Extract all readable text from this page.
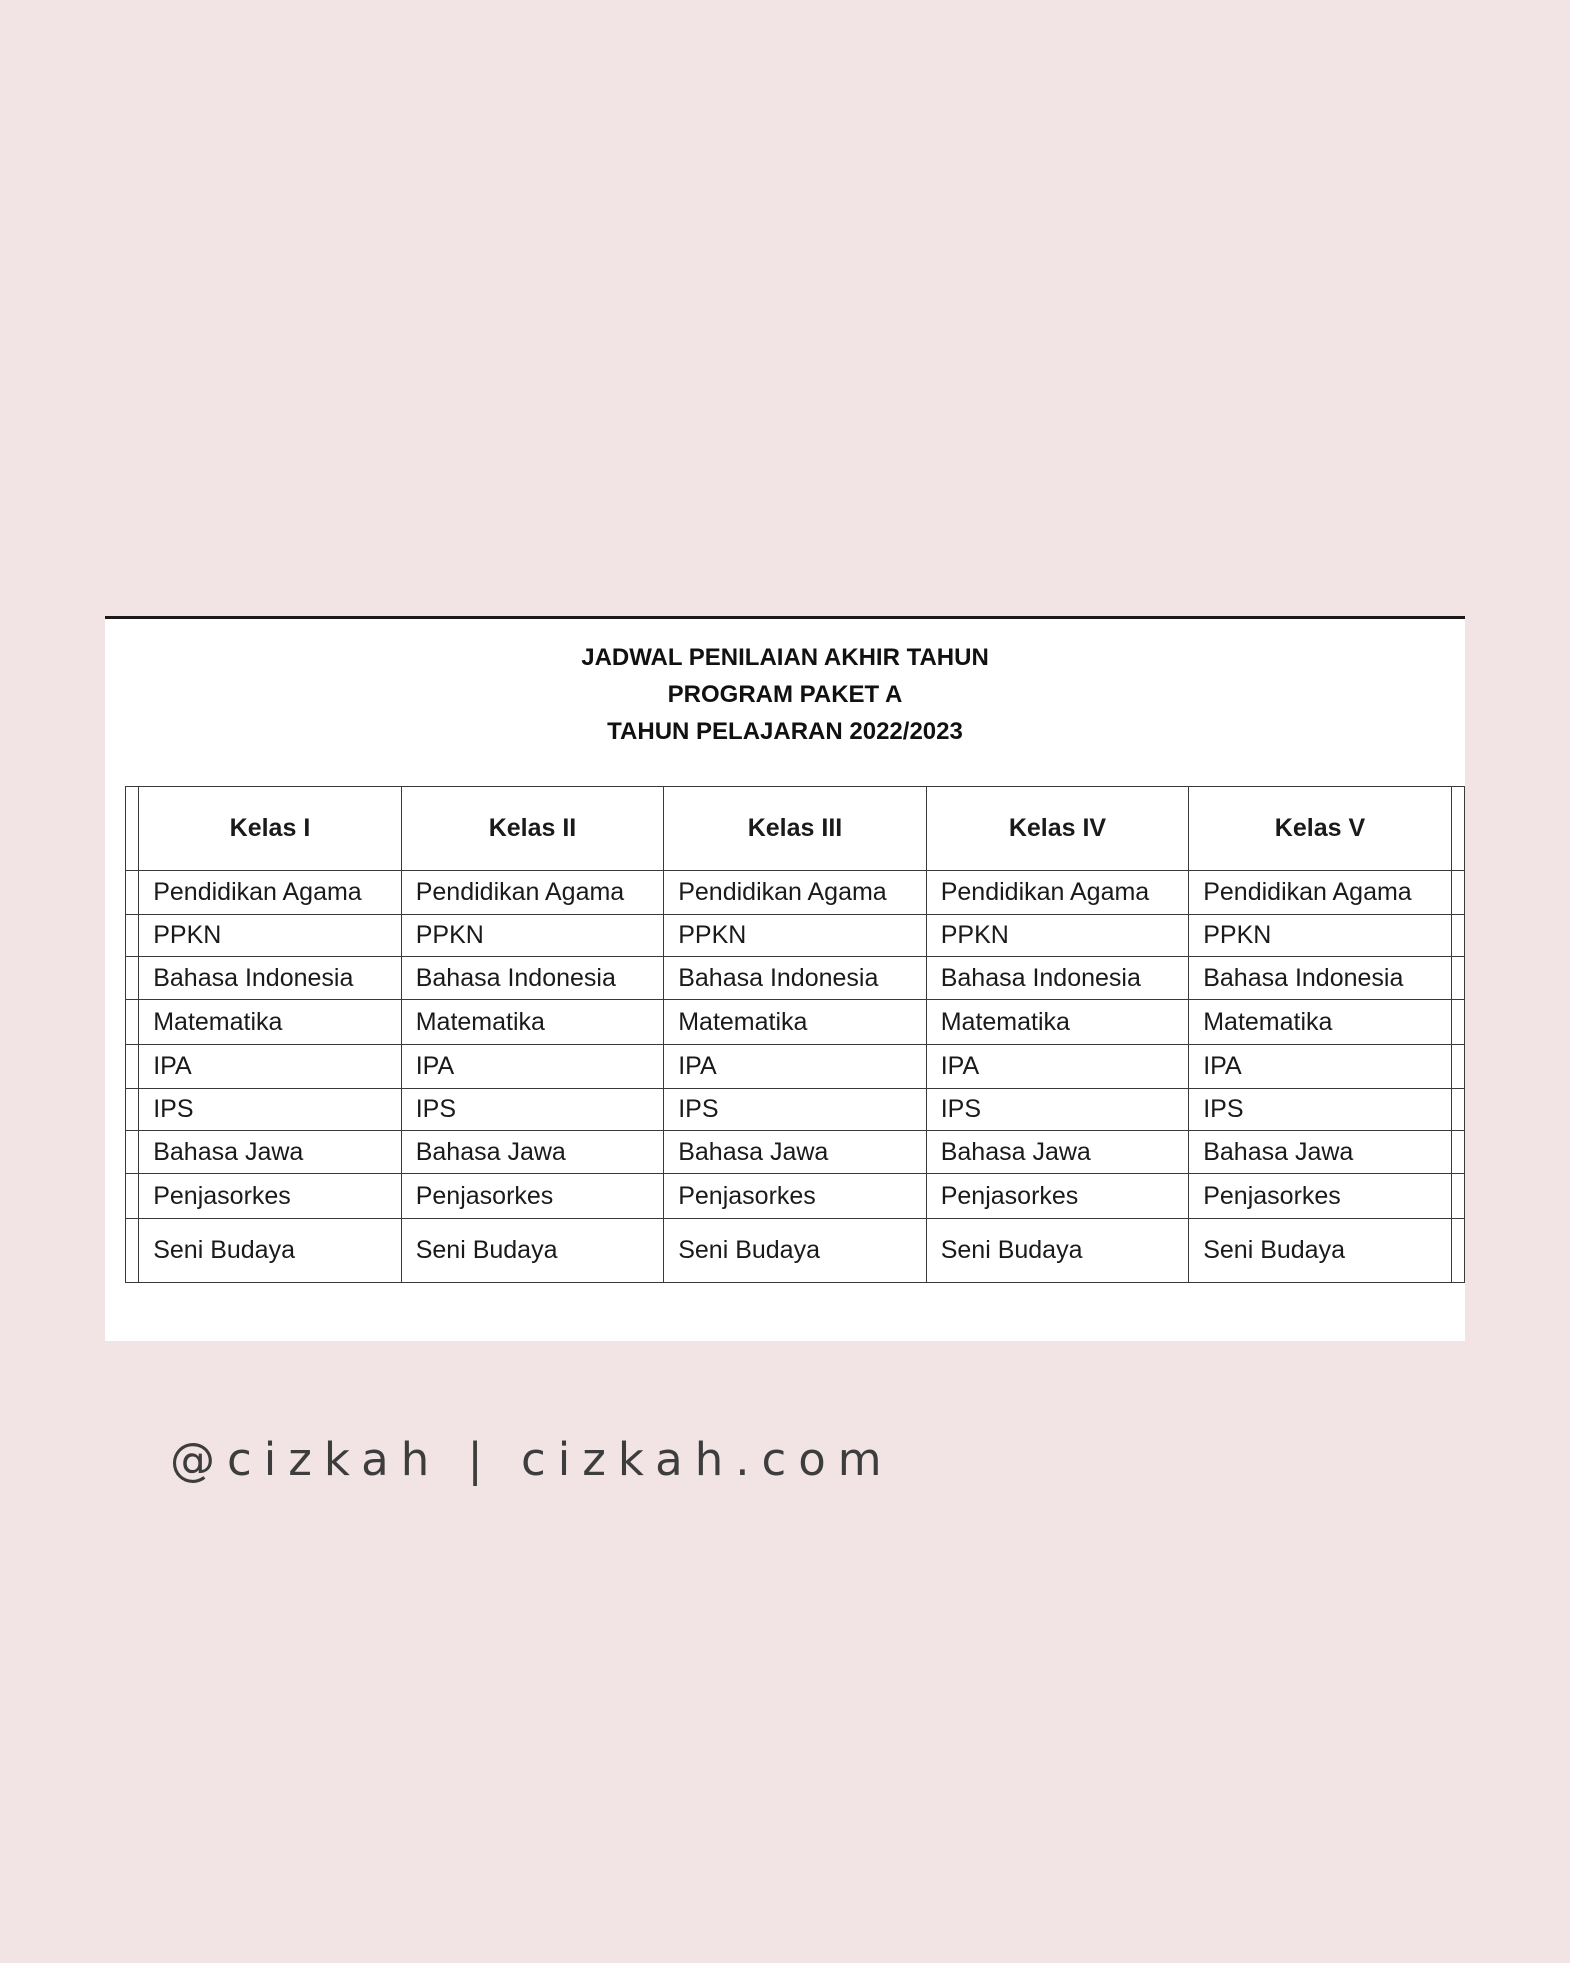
JADWAL PENILAIAN AKHIR TAHUN
PROGRAM PAKET A
TAHUN PELAJARAN 2022/2023
	Kelas I	Kelas II	Kelas III	Kelas IV	Kelas V	
	Pendidikan Agama	Pendidikan Agama	Pendidikan Agama	Pendidikan Agama	Pendidikan Agama	
	PPKN	PPKN	PPKN	PPKN	PPKN	
	Bahasa Indonesia	Bahasa Indonesia	Bahasa Indonesia	Bahasa Indonesia	Bahasa Indonesia	
	Matematika	Matematika	Matematika	Matematika	Matematika	
	IPA	IPA	IPA	IPA	IPA	
	IPS	IPS	IPS	IPS	IPS	
	Bahasa Jawa	Bahasa Jawa	Bahasa Jawa	Bahasa Jawa	Bahasa Jawa	
	Penjasorkes	Penjasorkes	Penjasorkes	Penjasorkes	Penjasorkes	
	Seni Budaya	Seni Budaya	Seni Budaya	Seni Budaya	Seni Budaya	
@cizkah | cizkah.com
